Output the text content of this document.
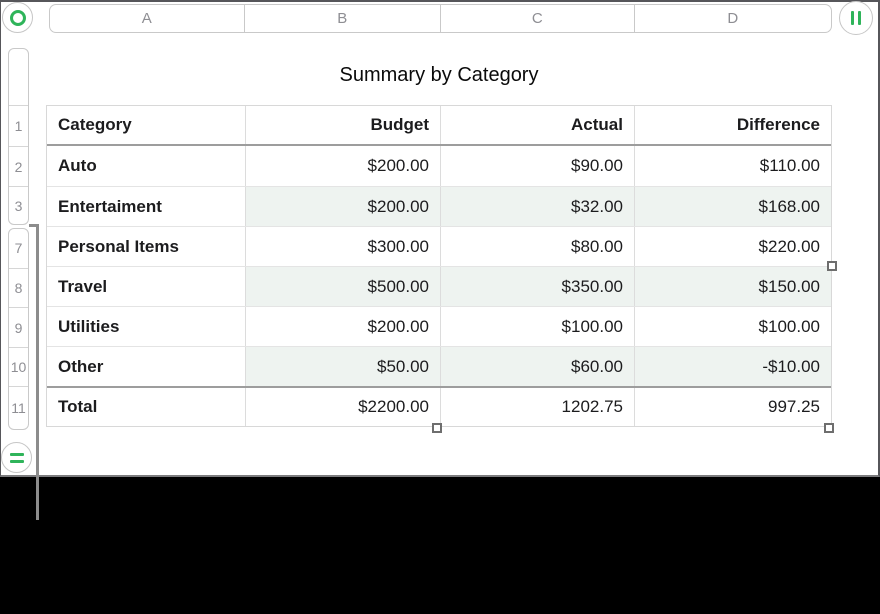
A	B	C	D
1
2
3
7
8
9
10
11
Summary by Category
Category	Budget	Actual	Difference
Auto	$200.00	$90.00	$110.00
Entertaiment	$200.00	$32.00	$168.00
Personal Items	$300.00	$80.00	$220.00
Travel	$500.00	$350.00	$150.00
Utilities	$200.00	$100.00	$100.00
Other	$50.00	$60.00	-$10.00
Total	$2200.00	1202.75	997.25
